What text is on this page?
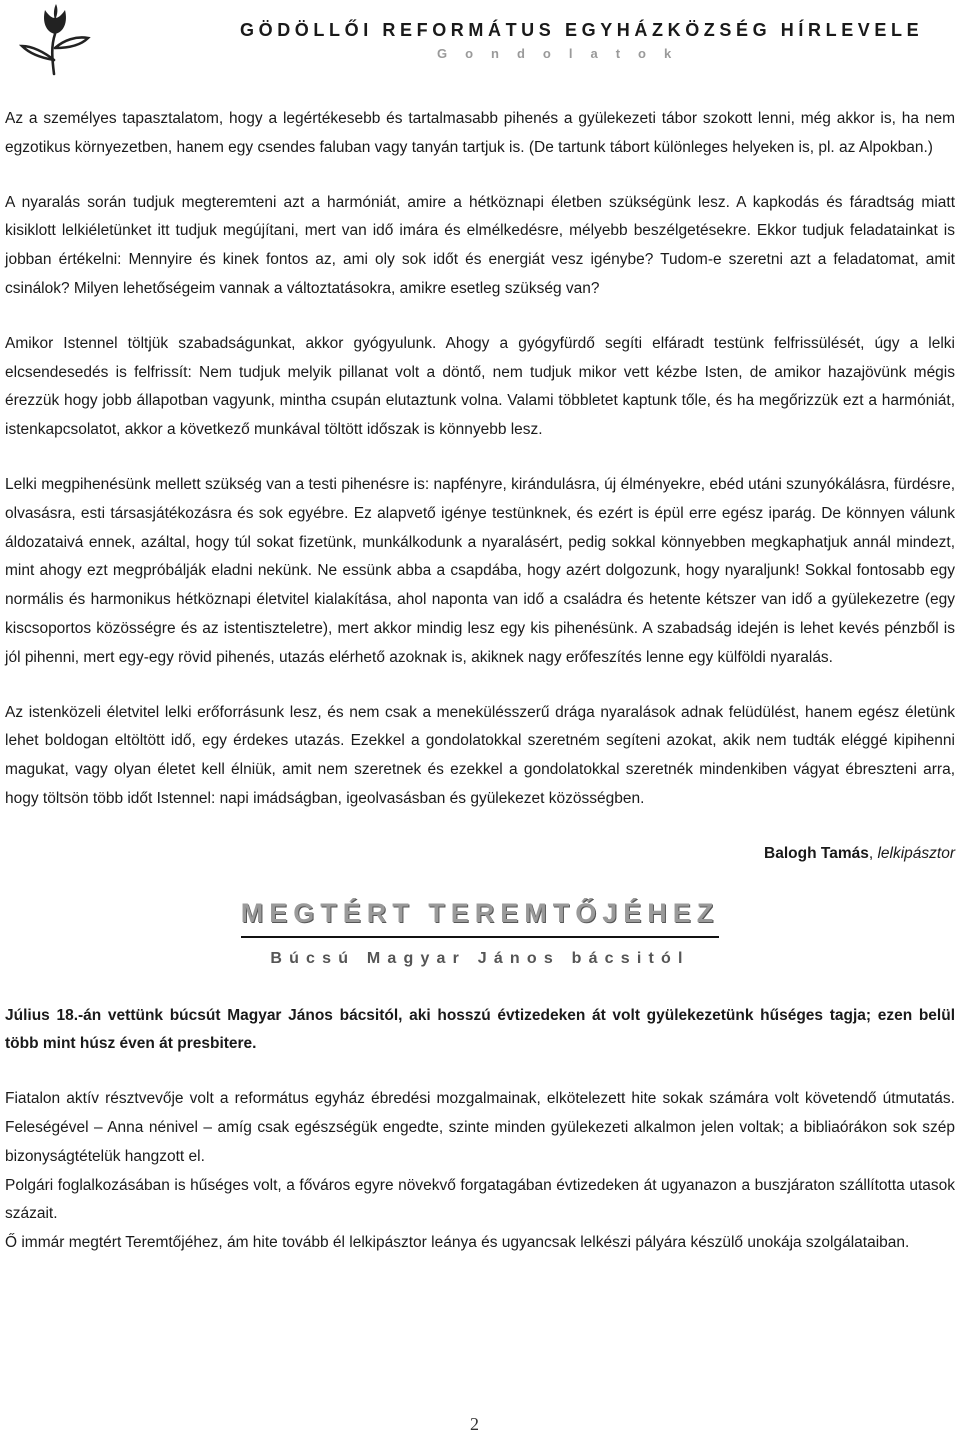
GÖDÖLLŐI REFORMÁTUS EGYHÁZKÖZSÉG HÍRLEVELE
Gondolatok

Az a személyes tapasztalatom, hogy a legértékesebb és tartalmasabb pihenés a gyülekezeti tábor szokott lenni, még akkor is, ha nem egzotikus környezetben, hanem egy csendes faluban vagy tanyán tartjuk is. (De tartunk tábort különleges helyeken is, pl. az Alpokban.)

A nyaralás során tudjuk megteremteni azt a harmóniát, amire a hétköznapi életben szükségünk lesz. A kapkodás és fáradtság miatt kisiklott lelkiéletünket itt tudjuk megújítani, mert van idő imára és elmélkedésre, mélyebb beszélgetésekre. Ekkor tudjuk feladatainkat is jobban értékelni: Mennyire és kinek fontos az, ami oly sok időt és energiát vesz igénybe? Tudom-e szeretni azt a feladatomat, amit csinálok? Milyen lehetőségeim vannak a változtatásokra, amikre esetleg szükség van?

Amikor Istennel töltjük szabadságunkat, akkor gyógyulunk. Ahogy a gyógyfürdő segíti elfáradt testünk felfrissülését, úgy a lelki elcsendesedés is felfrissít: Nem tudjuk melyik pillanat volt a döntő, nem tudjuk mikor vett kézbe Isten, de amikor hazajövünk mégis érezzük hogy jobb állapotban vagyunk, mintha csupán elutaztunk volna. Valami többletet kaptunk tőle, és ha megőrizzük ezt a harmóniát, istenkapcsolatot, akkor a következő munkával töltött időszak is könnyebb lesz.

Lelki megpihenésünk mellett szükség van a testi pihenésre is: napfényre, kirándulásra, új élményekre, ebéd utáni szunyókálásra, fürdésre, olvasásra, esti társasjátékozásra és sok egyébre. Ez alapvető igénye testünknek, és ezért is épül erre egész iparág. De könnyen válunk áldozataivá ennek, azáltal, hogy túl sokat fizetünk, munkálkodunk a nyaralásért, pedig sokkal könnyebben megkaphatjuk annál mindezt, mint ahogy ezt megpróbálják eladni nekünk. Ne essünk abba a csapdába, hogy azért dolgozunk, hogy nyaraljunk! Sokkal fontosabb egy normális és harmonikus hétköznapi életvitel kialakítása, ahol naponta van idő a családra és hetente kétszer van idő a gyülekezetre (egy kiscsoportos közösségre és az istentiszteletre), mert akkor mindig lesz egy kis pihenésünk. A szabadság idején is lehet kevés pénzből is jól pihenni, mert egy-egy rövid pihenés, utazás elérhető azoknak is, akiknek nagy erőfeszítés lenne egy külföldi nyaralás.

Az istenközeli életvitel lelki erőforrásunk lesz, és nem csak a menekülésszerű drága nyaralások adnak felüdülést, hanem egész életünk lehet boldogan eltöltött idő, egy érdekes utazás. Ezekkel a gondolatokkal szeretném segíteni azokat, akik nem tudták eléggé kipihenni magukat, vagy olyan életet kell élniük, amit nem szeretnek és ezekkel a gondolatokkal szeretnék mindenkiben vágyat ébreszteni arra, hogy töltsön több időt Istennel: napi imádságban, igeolvasásban és gyülekezet közösségben.

Balogh Tamás, lelkipásztor
MEGTÉRT TEREMTŐJÉHEZ
Búcsú Magyar János bácsitól

Július 18.-án vettünk búcsút Magyar János bácsitól, aki hosszú évtizedeken át volt gyülekezetünk hűséges tagja; ezen belül több mint húsz éven át presbitere.

Fiatalon aktív résztvevője volt a református egyház ébredési mozgalmainak, elkötelezett hite sokak számára volt követendő útmutatás. Feleségével – Anna nénivel – amíg csak egészségük engedte, szinte minden gyülekezeti alkalmon jelen voltak; a bibliaórákon sok szép bizonyságtételük hangzott el.

Polgári foglalkozásában is hűséges volt, a főváros egyre növekvő forgatagában évtizedeken át ugyanazon a buszjáraton szállította utasok százait.

Ő immár megtért Teremtőjéhez, ám hite tovább él lelkipásztor leánya és ugyancsak lelkészi pályára készülő unokája szolgálataiban.

2
